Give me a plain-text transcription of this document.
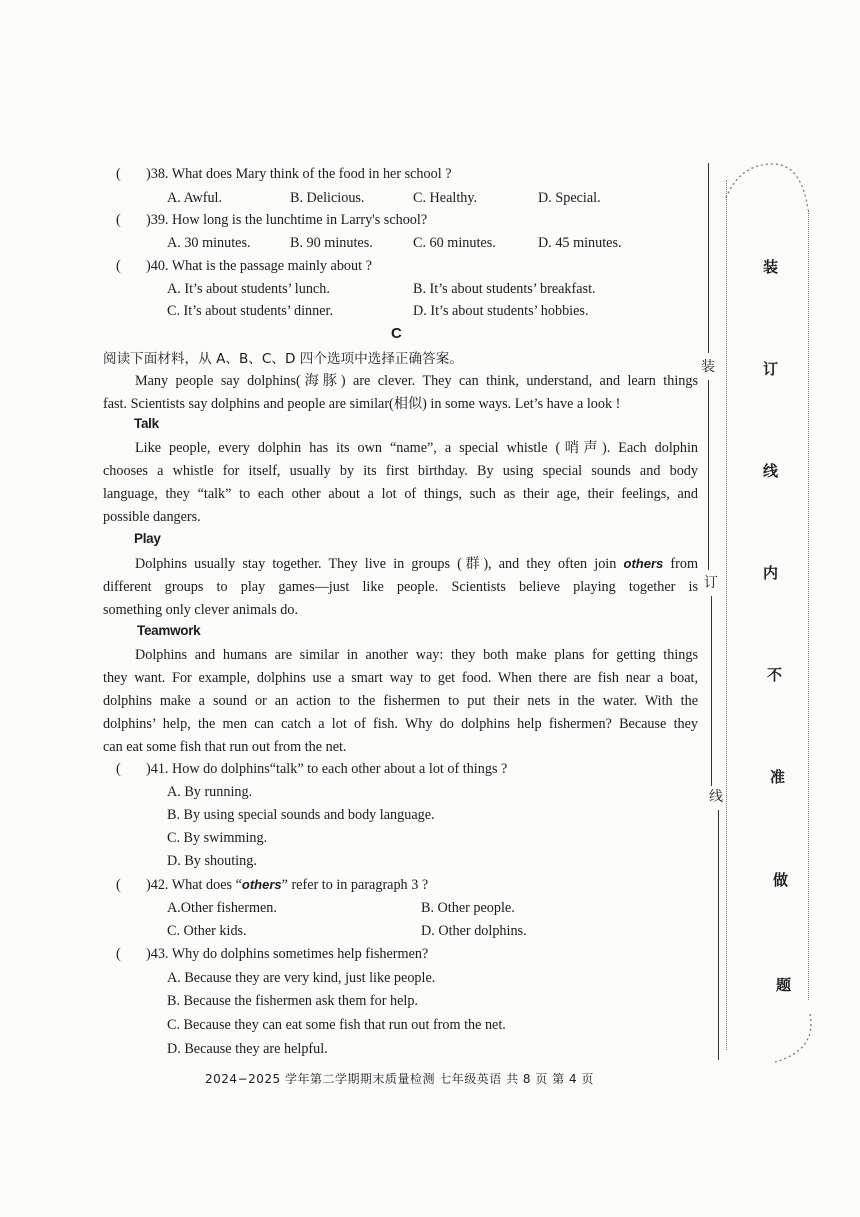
( )38. What does Mary think of the food in her school ?
A. Awful.	B. Delicious.	C. Healthy.	D. Special.
( )39. How long is the lunchtime in Larry's school?
A. 30 minutes.	B. 90 minutes.	C. 60 minutes.	D. 45 minutes.
( )40. What is the passage mainly about ?
A. It’s about students’ lunch.	B. It’s about students’ breakfast.
C. It’s about students’ dinner.	D. It’s about students’ hobbies.
C
阅读下面材料，从 A、B、C、D 四个选项中选择正确答案。
Many people say dolphins(海豚) are clever. They can think, understand, and learn things
fast. Scientists say dolphins and people are similar(相似) in some ways. Let’s have a look !
Talk
Like people, every dolphin has its own “name”, a special whistle (哨声). Each dolphin
chooses a whistle for itself, usually by its first birthday. By using special sounds and body
language, they “talk” to each other about a lot of things, such as their age, their feelings, and
possible dangers.
Play
Dolphins usually stay together. They live in groups (群), and they often join others from
different groups to play games—just like people. Scientists believe playing together is
something only clever animals do.
Teamwork
Dolphins and humans are similar in another way: they both make plans for getting things
they want. For example, dolphins use a smart way to get food. When there are fish near a boat,
dolphins make a sound or an action to the fishermen to put their nets in the water. With the
dolphins’ help, the men can catch a lot of fish. Why do dolphins help fishermen? Because they
can eat some fish that run out from the net.
( )41. How do dolphins“talk” to each other about a lot of things ?
A. By running.
B. By using special sounds and body language.
C. By swimming.
D. By shouting.
( )42. What does “others” refer to in paragraph 3 ?
A.Other fishermen.	B. Other people.
C. Other kids.	D. Other dolphins.
( )43. Why do dolphins sometimes help fishermen?
A. Because they are very kind, just like people.
B. Because the fishermen ask them for help.
C. Because they can eat some fish that run out from the net.
D. Because they are helpful.
2024−2025 学年第二学期期末质量检测 七年级英语 共 8 页 第 4 页
装
订
线
装
订
线
内
不
准
做
题
